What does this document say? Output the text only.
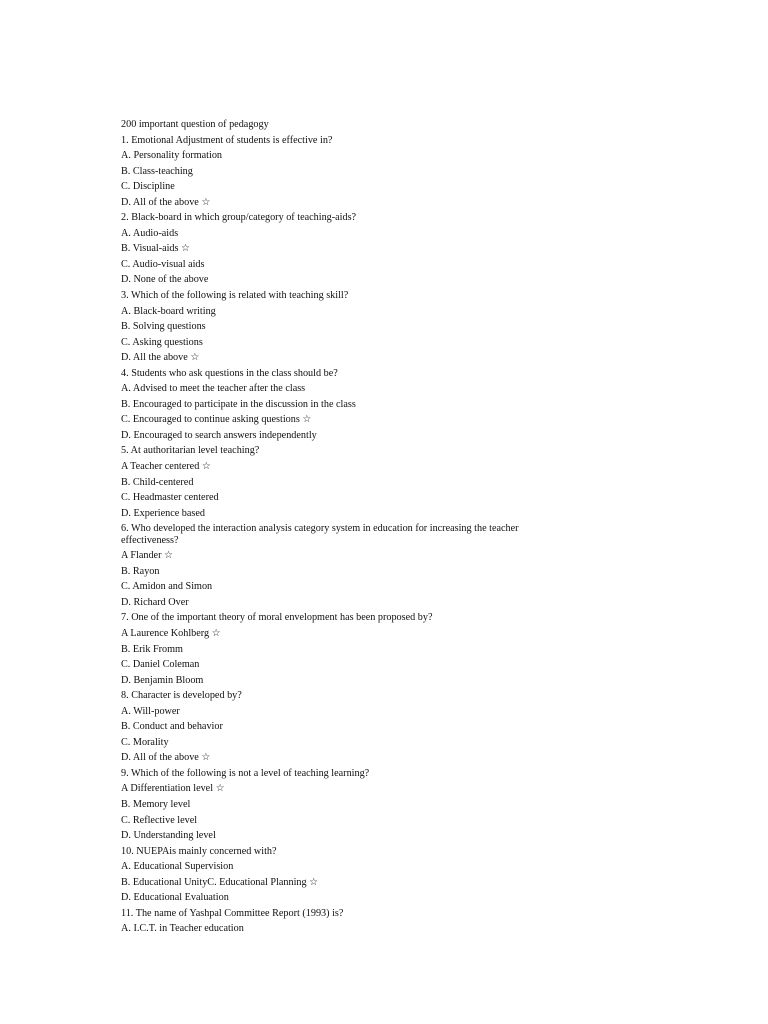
200 important question of pedagogy
1. Emotional Adjustment of students is effective in?
A. Personality formation
B. Class-teaching
C. Discipline
D. All of the above ☆
2. Black-board in which group/category of teaching-aids?
A. Audio-aids
B. Visual-aids ☆
C. Audio-visual aids
D. None of the above
3. Which of the following is related with teaching skill?
A. Black-board writing
B. Solving questions
C. Asking questions
D. All the above ☆
4. Students who ask questions in the class should be?
A. Advised to meet the teacher after the class
B. Encouraged to participate in the discussion in the class
C. Encouraged to continue asking questions ☆
D. Encouraged to search answers independently
5. At authoritarian level teaching?
A Teacher centered ☆
B. Child-centered
C. Headmaster centered
D. Experience based
6. Who developed the interaction analysis category system in education for increasing the teacher effectiveness?
A Flander ☆
B. Rayon
C. Amidon and Simon
D. Richard Over
7. One of the important theory of moral envelopment has been proposed by?
A Laurence Kohlberg ☆
B. Erik Fromm
C. Daniel Coleman
D. Benjamin Bloom
8. Character is developed by?
A. Will-power
B. Conduct and behavior
C. Morality
D. All of the above ☆
9. Which of the following is not a level of teaching learning?
A Differentiation level ☆
B. Memory level
C. Reflective level
D. Understanding level
10. NUEPAis mainly concerned with?
A. Educational Supervision
B. Educational UnityC. Educational Planning ☆
D. Educational Evaluation
11. The name of Yashpal Committee Report (1993) is?
A. I.C.T. in Teacher education
